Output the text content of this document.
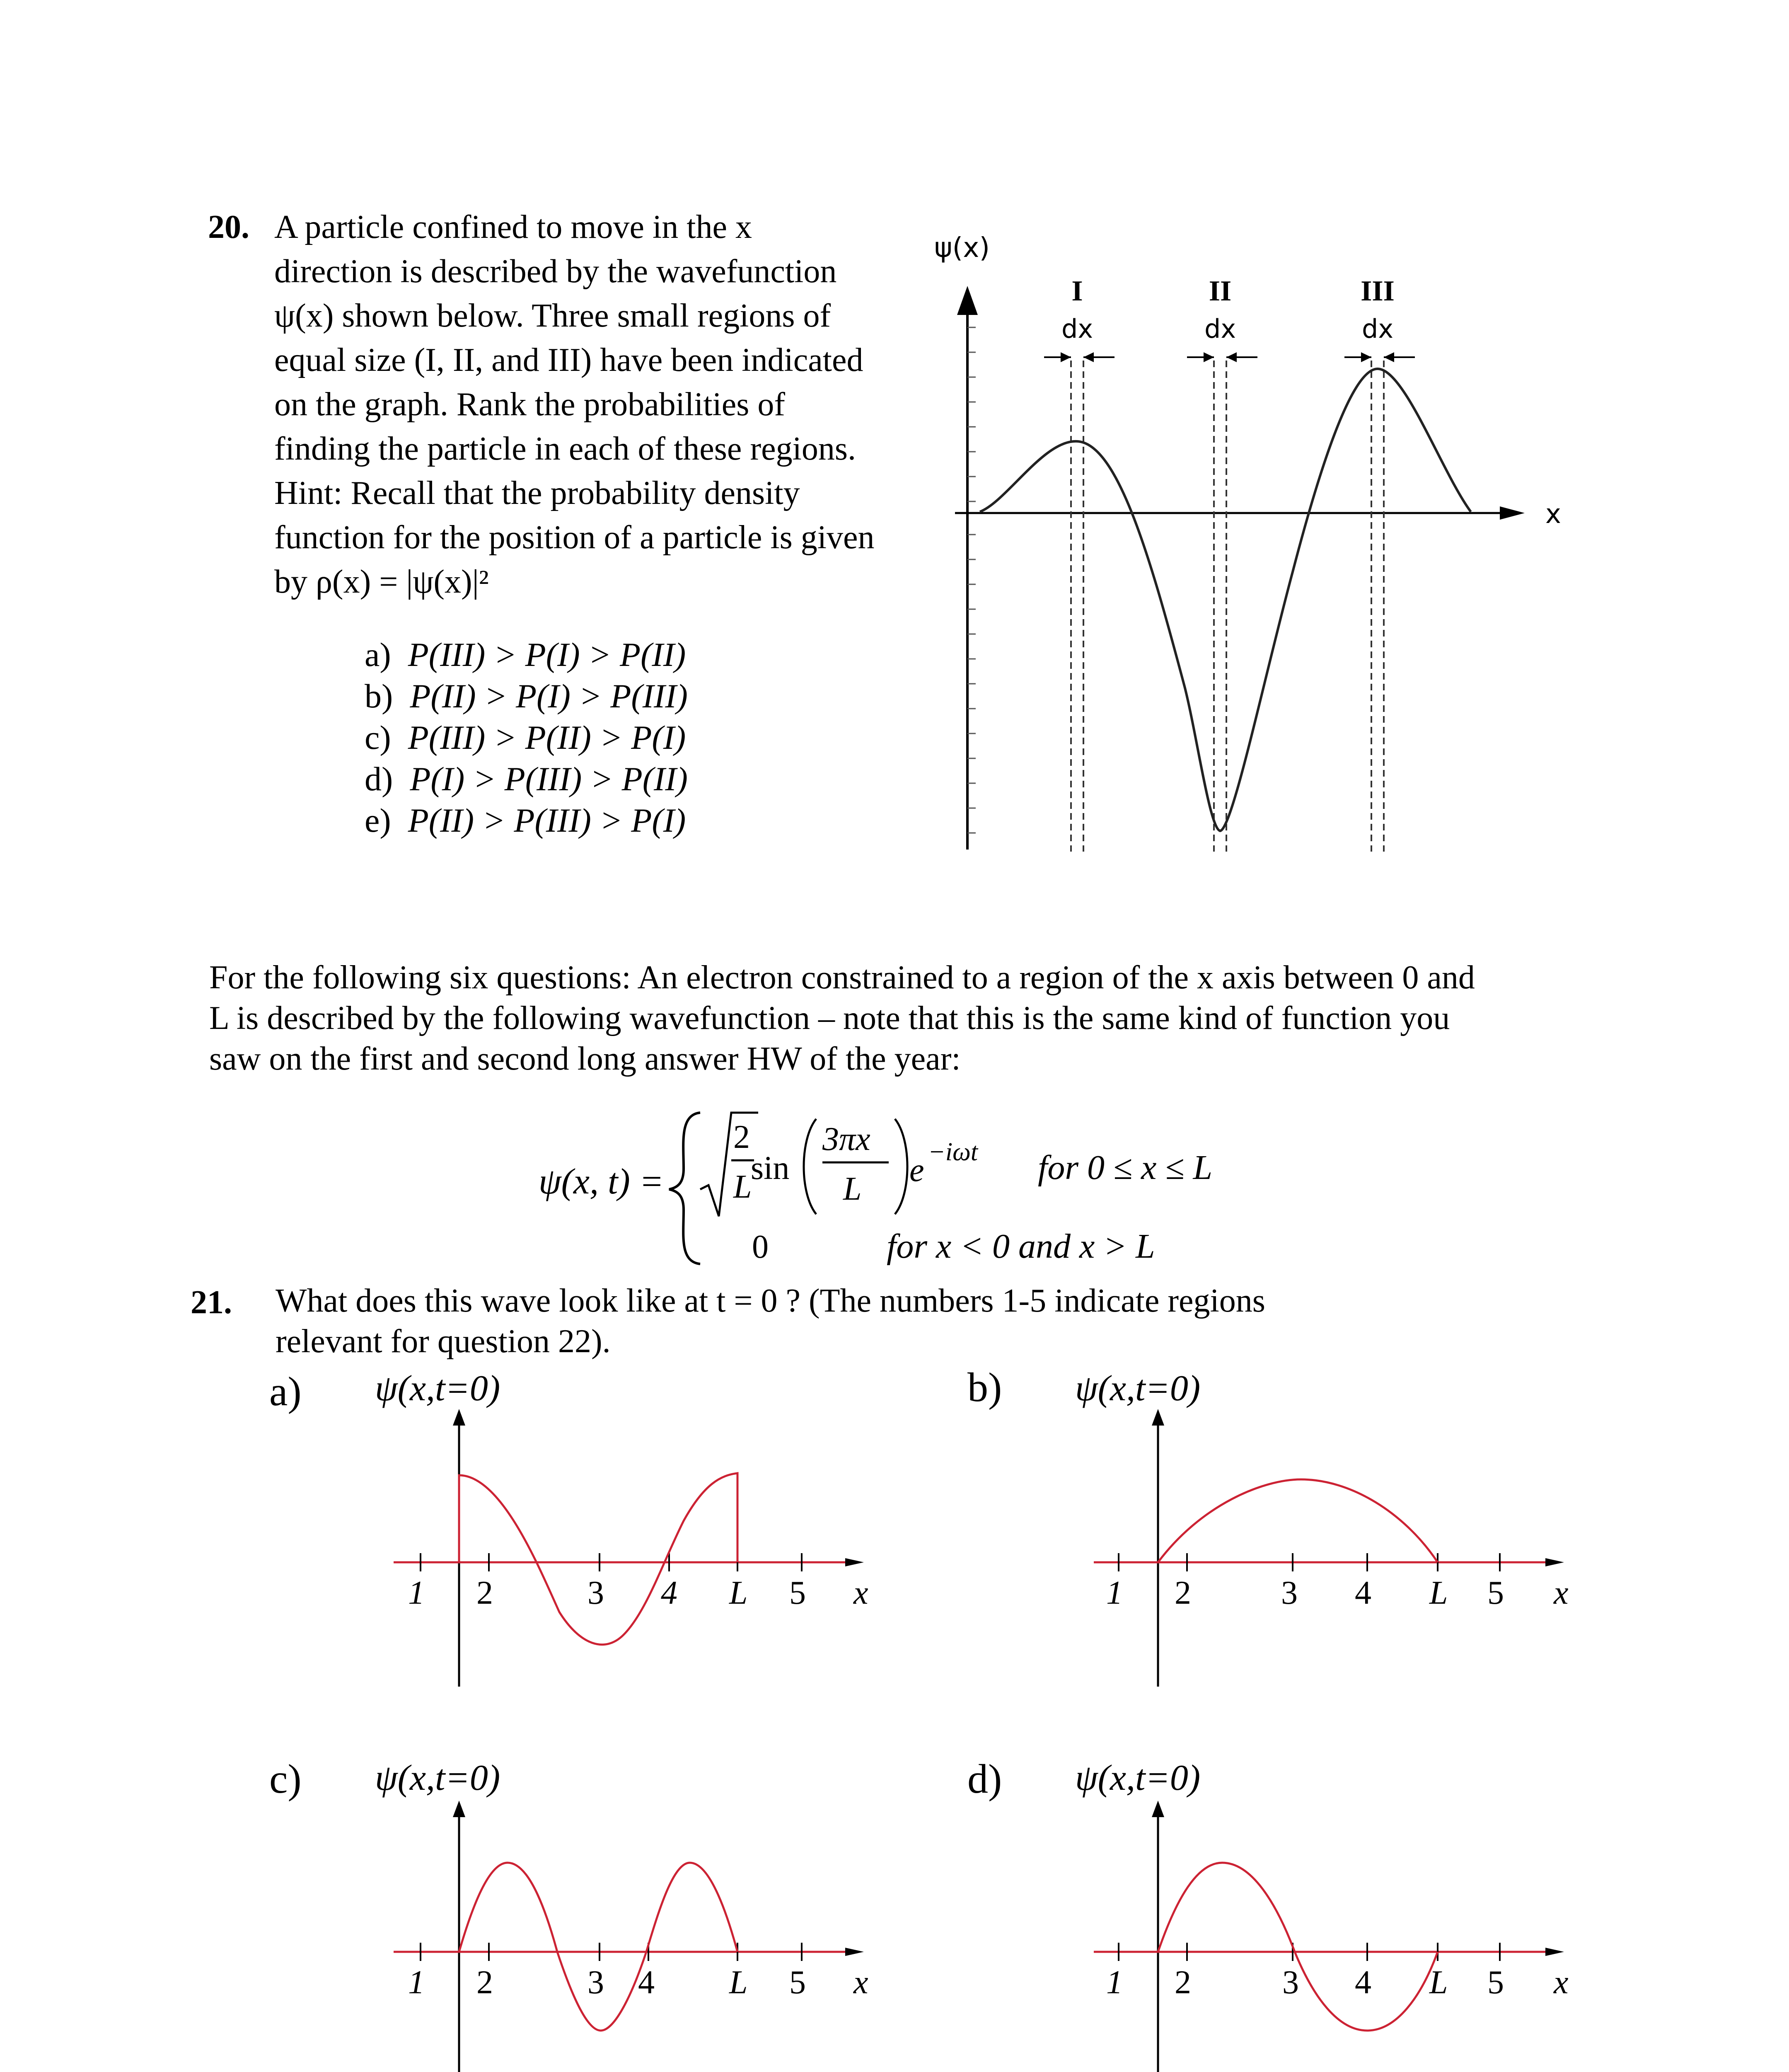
20. A particle confined to move in the x
direction is described by the wavefunction
ψ(x) shown below. Three small regions of
equal size (I, II, and III) have been indicated
on the graph. Rank the probabilities of
finding the particle in each of these regions.
Hint: Recall that the probability density
function for the position of a particle is given
by ρ(x) = |ψ(x)|²
a) P(III) > P(I) > P(II)
b) P(II) > P(I) > P(III)
c) P(III) > P(II) > P(I)
d) P(I) > P(III) > P(II)
e) P(II) > P(III) > P(I)
ψ(x)
x
I	II	III
dx	dx	dx
For the following six questions: An electron constrained to a region of the x axis between 0 and
L is described by the following wavefunction – note that this is the same kind of function you
saw on the first and second long answer HW of the year:
ψ(x, t) =
2
L
sin
3πx
L
e −iωt for 0 ≤ x ≤ L
0	for x < 0 and x > L
21. What does this wave look like at t = 0 ? (The numbers 1-5 indicate regions
relevant for question 22).
a)	b)
c)	d)
ψ(x,t=0)	ψ(x,t=0)
ψ(x,t=0)	ψ(x,t=0)
1 2	3 4 L 5 x	1 2	3 4 L 5 x
1 2	3 4 L 5 x	1 2	3 4 L 5 x
